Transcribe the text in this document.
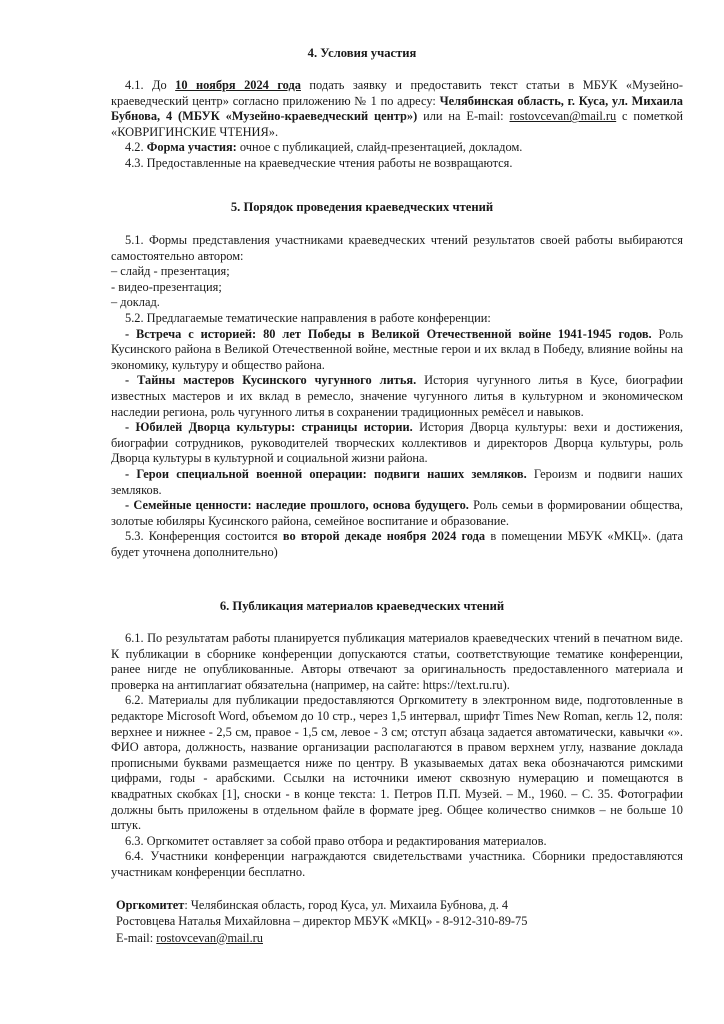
4. Условия участия

4.1. До 10 ноября 2024 года подать заявку и предоставить текст статьи в МБУК «Музейно-краеведческий центр» согласно приложению № 1 по адресу: Челябинская область, г. Куса, ул. Михаила Бубнова, 4 (МБУК «Музейно-краеведческий центр») или на E-mail: rostovcevan@mail.ru с пометкой «КОВРИГИНСКИЕ ЧТЕНИЯ».

4.2. Форма участия: очное с публикацией, слайд-презентацией, докладом.

4.3. Предоставленные на краеведческие чтения работы не возвращаются.

5. Порядок проведения краеведческих чтений

5.1. Формы представления участниками краеведческих чтений результатов своей работы выбираются самостоятельно автором:

– слайд - презентация;

- видео-презентация;

– доклад.

5.2. Предлагаемые тематические направления в работе конференции:

- Встреча с историей: 80 лет Победы в Великой Отечественной войне 1941-1945 годов. Роль Кусинского района в Великой Отечественной войне, местные герои и их вклад в Победу, влияние войны на экономику, культуру и общество района.

- Тайны мастеров Кусинского чугунного литья. История чугунного литья в Кусе, биографии известных мастеров и их вклад в ремесло, значение чугунного литья в культурном и экономическом наследии региона, роль чугунного литья в сохранении традиционных ремёсел и навыков.

- Юбилей Дворца культуры: страницы истории. История Дворца культуры: вехи и достижения, биографии сотрудников, руководителей творческих коллективов и директоров Дворца культуры, роль Дворца культуры в культурной и социальной жизни района.

- Герои специальной военной операции: подвиги наших земляков. Героизм и подвиги наших земляков.

- Семейные ценности: наследие прошлого, основа будущего. Роль семьи в формировании общества, золотые юбиляры Кусинского района, семейное воспитание и образование.

5.3. Конференция состоится во второй декаде ноября 2024 года в помещении МБУК «МКЦ». (дата будет уточнена дополнительно)

6. Публикация материалов краеведческих чтений

6.1. По результатам работы планируется публикация материалов краеведческих чтений в печатном виде. К публикации в сборнике конференции допускаются статьи, соответствующие тематике конференции, ранее нигде не опубликованные. Авторы отвечают за оригинальность предоставленного материала и проверка на антиплагиат обязательна (например, на сайте: https://text.ru.ru).

6.2. Материалы для публикации предоставляются Оргкомитету в электронном виде, подготовленные в редакторе Microsoft Word, объемом до 10 стр., через 1,5 интервал, шрифт Times New Roman, кегль 12, поля: верхнее и нижнее - 2,5 см, правое - 1,5 см, левое - 3 см; отступ абзаца задается автоматически, кавычки «». ФИО автора, должность, название организации располагаются в правом верхнем углу, название доклада прописными буквами размещается ниже по центру. В указываемых датах века обозначаются римскими цифрами, годы - арабскими. Ссылки на источники имеют сквозную нумерацию и помещаются в квадратных скобках [1], сноски - в конце текста: 1. Петров П.П. Музей. – М., 1960. – С. 35. Фотографии должны быть приложены в отдельном файле в формате jpeg. Общее количество снимков – не больше 10 штук.

6.3. Оргкомитет оставляет за собой право отбора и редактирования материалов.

6.4. Участники конференции награждаются свидетельствами участника. Сборники предоставляются участникам конференции бесплатно.

Оргкомитет: Челябинская область, город Куса, ул. Михаила Бубнова, д. 4

Ростовцева Наталья Михайловна – директор МБУК «МКЦ» - 8-912-310-89-75

E-mail: rostovcevan@mail.ru
